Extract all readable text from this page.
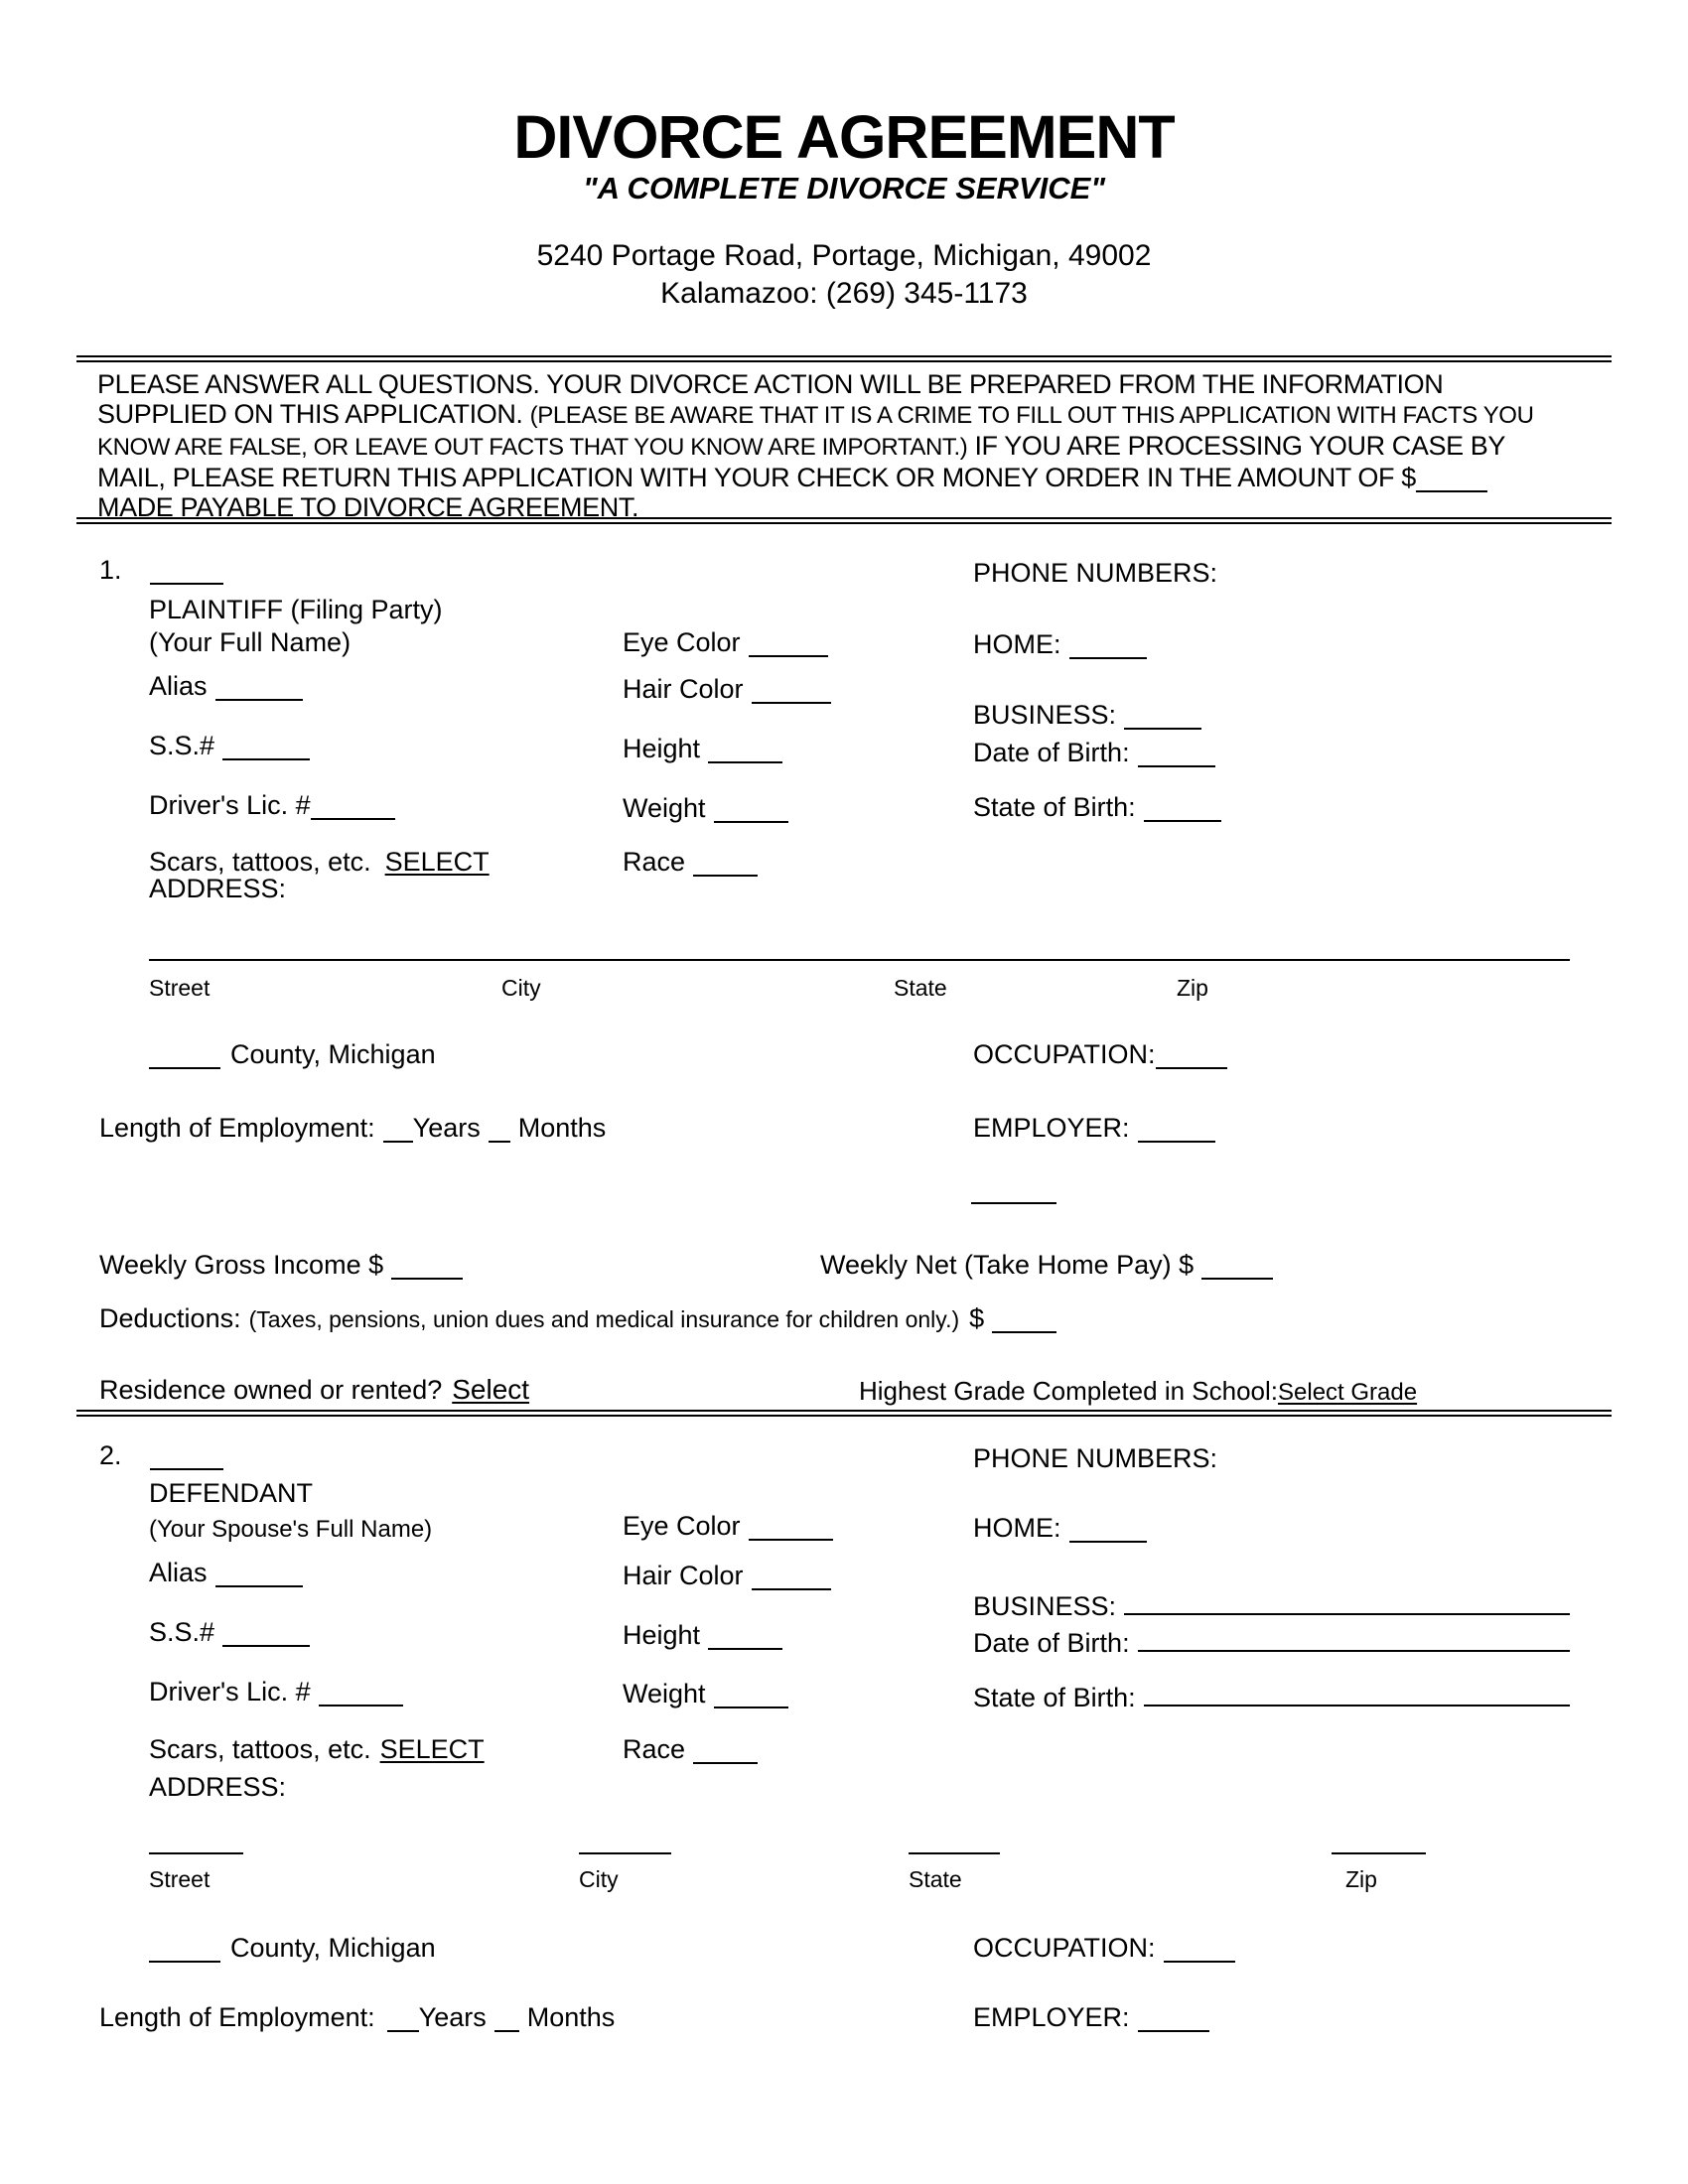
DIVORCE AGREEMENT
"A COMPLETE DIVORCE SERVICE"
5240 Portage Road, Portage, Michigan, 49002
Kalamazoo: (269) 345-1173
PLEASE ANSWER ALL QUESTIONS. YOUR DIVORCE ACTION WILL BE PREPARED FROM THE INFORMATION SUPPLIED ON THIS APPLICATION. (PLEASE BE AWARE THAT IT IS A CRIME TO FILL OUT THIS APPLICATION WITH FACTS YOU KNOW ARE FALSE, OR LEAVE OUT FACTS THAT YOU KNOW ARE IMPORTANT.) IF YOU ARE PROCESSING YOUR CASE BY MAIL, PLEASE RETURN THIS APPLICATION WITH YOUR CHECK OR MONEY ORDER IN THE AMOUNT OF $ MADE PAYABLE TO DIVORCE AGREEMENT.
1.	PHONE NUMBERS:
PLAINTIFF (Filing Party)
(Your Full Name)	Eye Color	HOME:
Alias	Hair Color
BUSINESS:
S.S.#	Height	Date of Birth:
Driver's Lic. #	Weight	State of Birth:
Scars, tattoos, etc. SELECT	Race
ADDRESS:
Street	City	State	Zip
County, Michigan	OCCUPATION:
Length of Employment: Years Months	EMPLOYER:
Weekly Gross Income $	Weekly Net (Take Home Pay) $
Deductions: (Taxes, pensions, union dues and medical insurance for children only.) $
Residence owned or rented? Select	Highest Grade Completed in School:Select Grade
2.	PHONE NUMBERS:
DEFENDANT
(Your Spouse's Full Name)	Eye Color	HOME:
Alias	Hair Color
BUSINESS:
S.S.#	Height	Date of Birth:
Driver's Lic. #	Weight	State of Birth:
Scars, tattoos, etc. SELECT	Race
ADDRESS:
Street	City	State	Zip
County, Michigan	OCCUPATION:
Length of Employment: Years Months	EMPLOYER:
